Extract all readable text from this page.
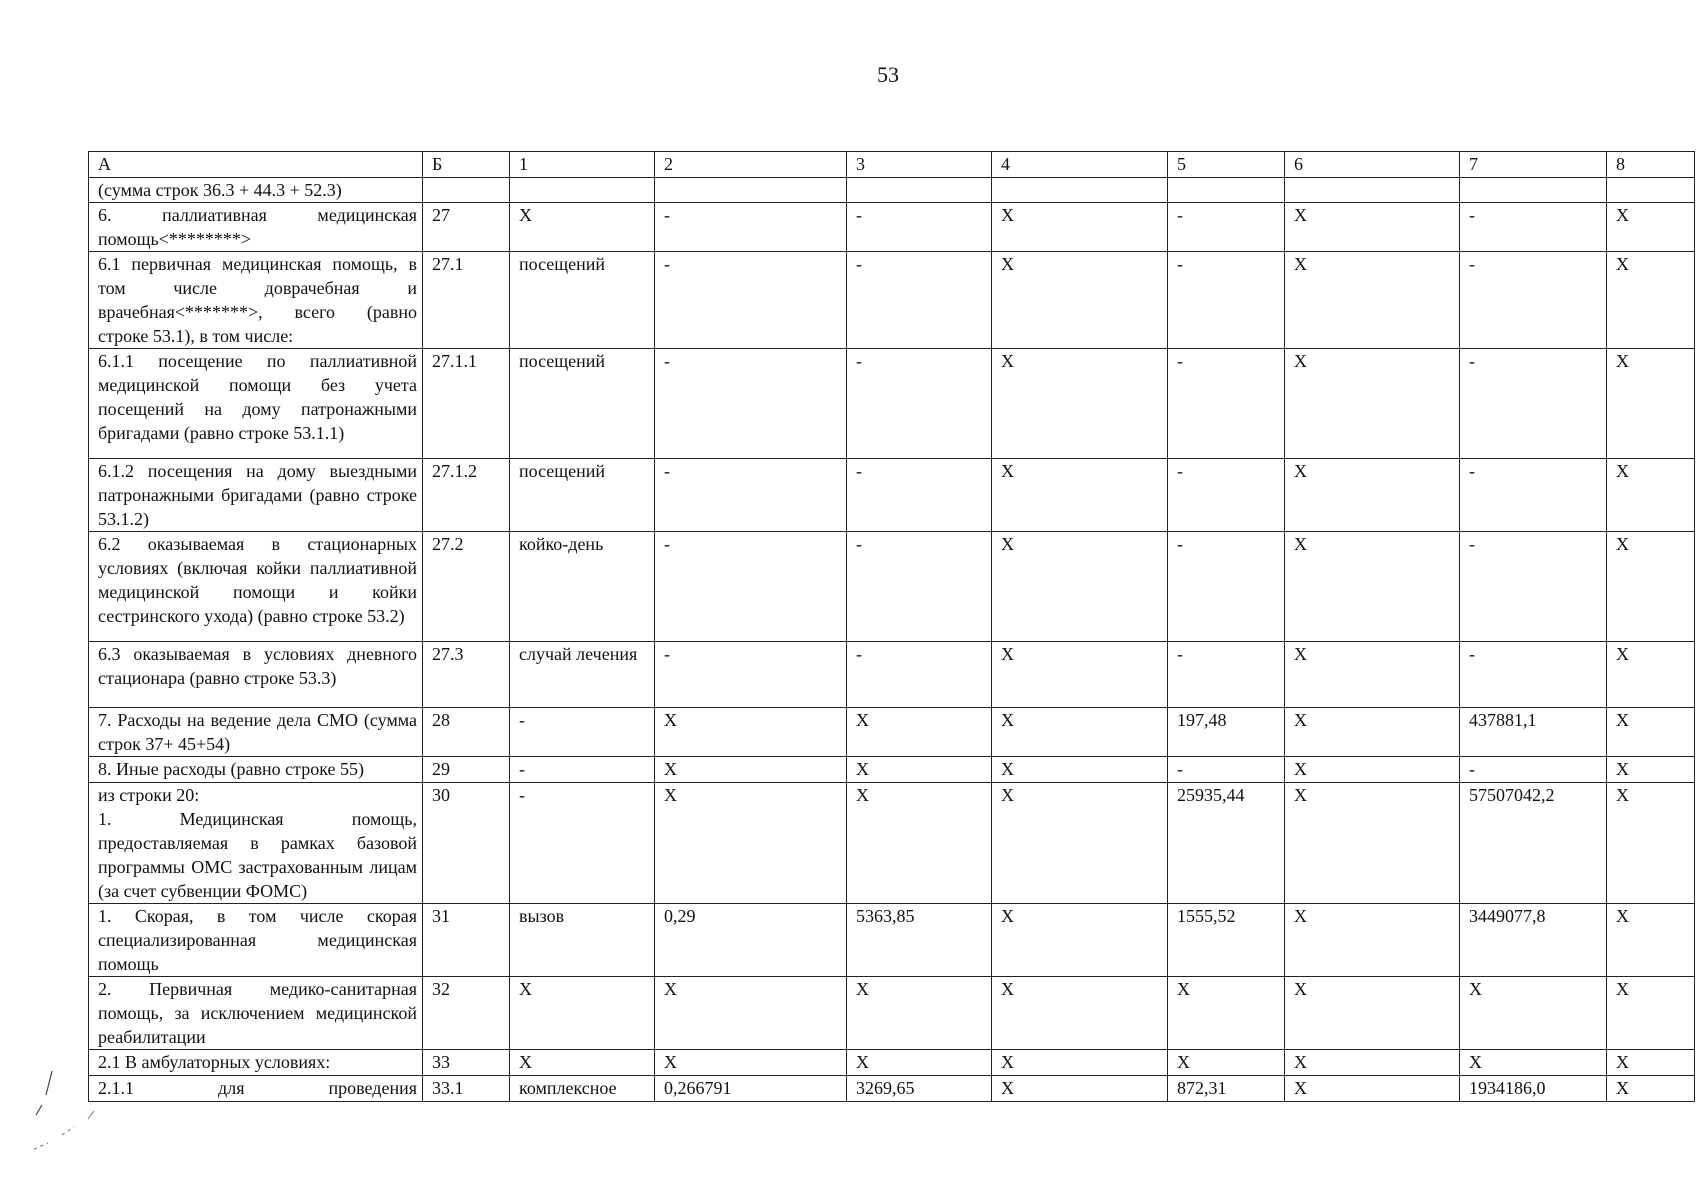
53
А	Б	1	2	3	4	5	6	7	8
(сумма строк 36.3 + 44.3 + 52.3)									
6. паллиативная медицинская помощь<********>	27	Х	-	-	Х	-	Х	-	Х
6.1 первичная медицинская помощь, в том числе доврачебная и врачебная<*******>, всего (равно строке 53.1), в том числе:	27.1	посещений	-	-	Х	-	Х	-	Х
6.1.1 посещение по паллиативной медицинской помощи без учета посещений на дому патронажными бригадами (равно строке 53.1.1)	27.1.1	посещений	-	-	Х	-	Х	-	Х
6.1.2 посещения на дому выездными патронажными бригадами (равно строке 53.1.2)	27.1.2	посещений	-	-	Х	-	Х	-	Х
6.2 оказываемая в стационарных условиях (включая койки паллиативной медицинской помощи и койки сестринского ухода) (равно строке 53.2)	27.2	койко-день	-	-	Х	-	Х	-	Х
6.3 оказываемая в условиях дневного стационара (равно строке 53.3)	27.3	случай лечения	-	-	Х	-	Х	-	Х
7. Расходы на ведение дела СМО (сумма строк 37+ 45+54)	28	-	Х	Х	Х	197,48	Х	437881,1	Х
8. Иные расходы (равно строке 55)	29	-	Х	Х	Х	-	Х	-	Х
из строки 20:
1. Медицинская помощь, предоставляемая в рамках базовой программы ОМС застрахованным лицам (за счет субвенции ФОМС)	30	-	Х	Х	Х	25935,44	Х	57507042,2	Х
1. Скорая, в том числе скорая специализированная медицинская помощь	31	вызов	0,29	5363,85	Х	1555,52	Х	3449077,8	Х
2. Первичная медико-санитарная помощь, за исключением медицинской реабилитации	32	Х	Х	Х	Х	Х	Х	Х	Х
2.1 В амбулаторных условиях:	33	Х	Х	Х	Х	Х	Х	Х	Х
2.1.1 для проведения	33.1	комплексное	0,266791	3269,65	Х	872,31	Х	1934186,0	Х
